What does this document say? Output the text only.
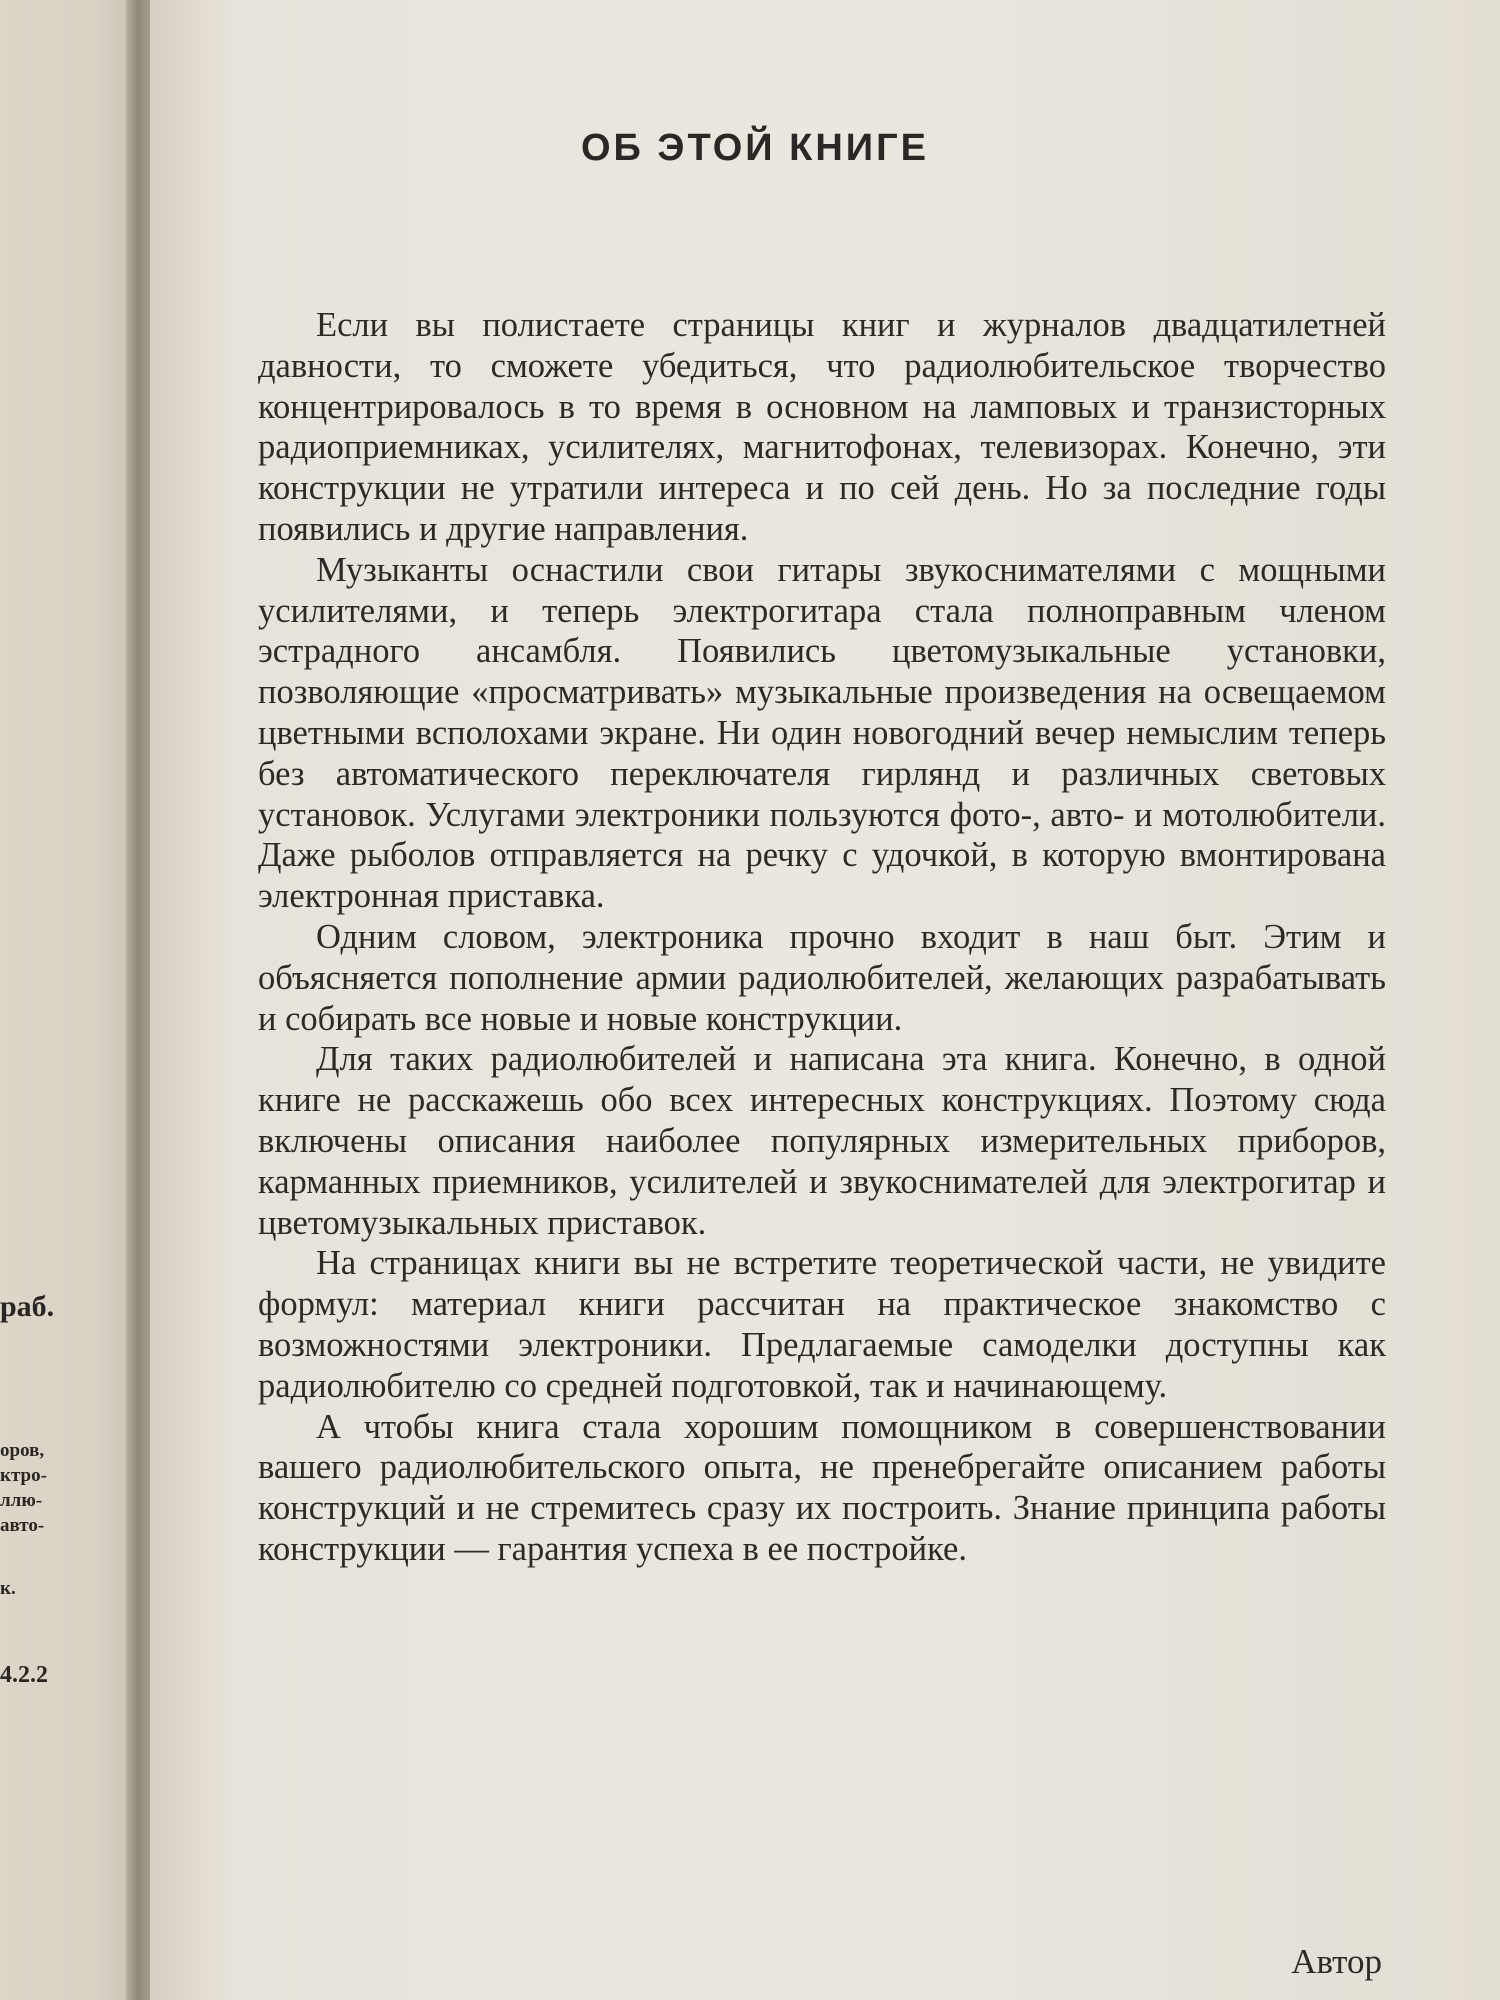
раб.
оров,
ктро-
ллю-
авто-
к.
4.2.2
ОБ ЭТОЙ КНИГЕ

Если вы полистаете страницы книг и журналов двадцатилетней давности, то сможете убедиться, что радиолюбительское творчество концентрировалось в то время в основном на ламповых и транзисторных радиоприемниках, усилителях, магнитофонах, телевизорах. Конечно, эти конструкции не утратили интереса и по сей день. Но за последние годы появились и другие направления.

Музыканты оснастили свои гитары звукоснимателями с мощными усилителями, и теперь электрогитара стала полноправным членом эстрадного ансамбля. Появились цветомузыкальные установки, позволяющие «просматривать» музыкальные произведения на освещаемом цветными всполохами экране. Ни один новогодний вечер немыслим теперь без автоматического переключателя гирлянд и различных световых установок. Услугами электроники пользуются фото-, авто- и мотолюбители. Даже рыболов отправляется на речку с удочкой, в которую вмонтирована электронная приставка.

Одним словом, электроника прочно входит в наш быт. Этим и объясняется пополнение армии радиолюбителей, желающих разрабатывать и собирать все новые и новые конструкции.

Для таких радиолюбителей и написана эта книга. Конечно, в одной книге не расскажешь обо всех интересных конструкциях. Поэтому сюда включены описания наиболее популярных измерительных приборов, карманных приемников, усилителей и звукоснимателей для электрогитар и цветомузыкальных приставок.

На страницах книги вы не встретите теоретической части, не увидите формул: материал книги рассчитан на практическое знакомство с возможностями электроники. Предлагаемые самоделки доступны как радиолюбителю со средней подготовкой, так и начинающему.

А чтобы книга стала хорошим помощником в совершенствовании вашего радиолюбительского опыта, не пренебрегайте описанием работы конструкций и не стремитесь сразу их построить. Знание принципа работы конструкции — гарантия успеха в ее постройке.

Автор
